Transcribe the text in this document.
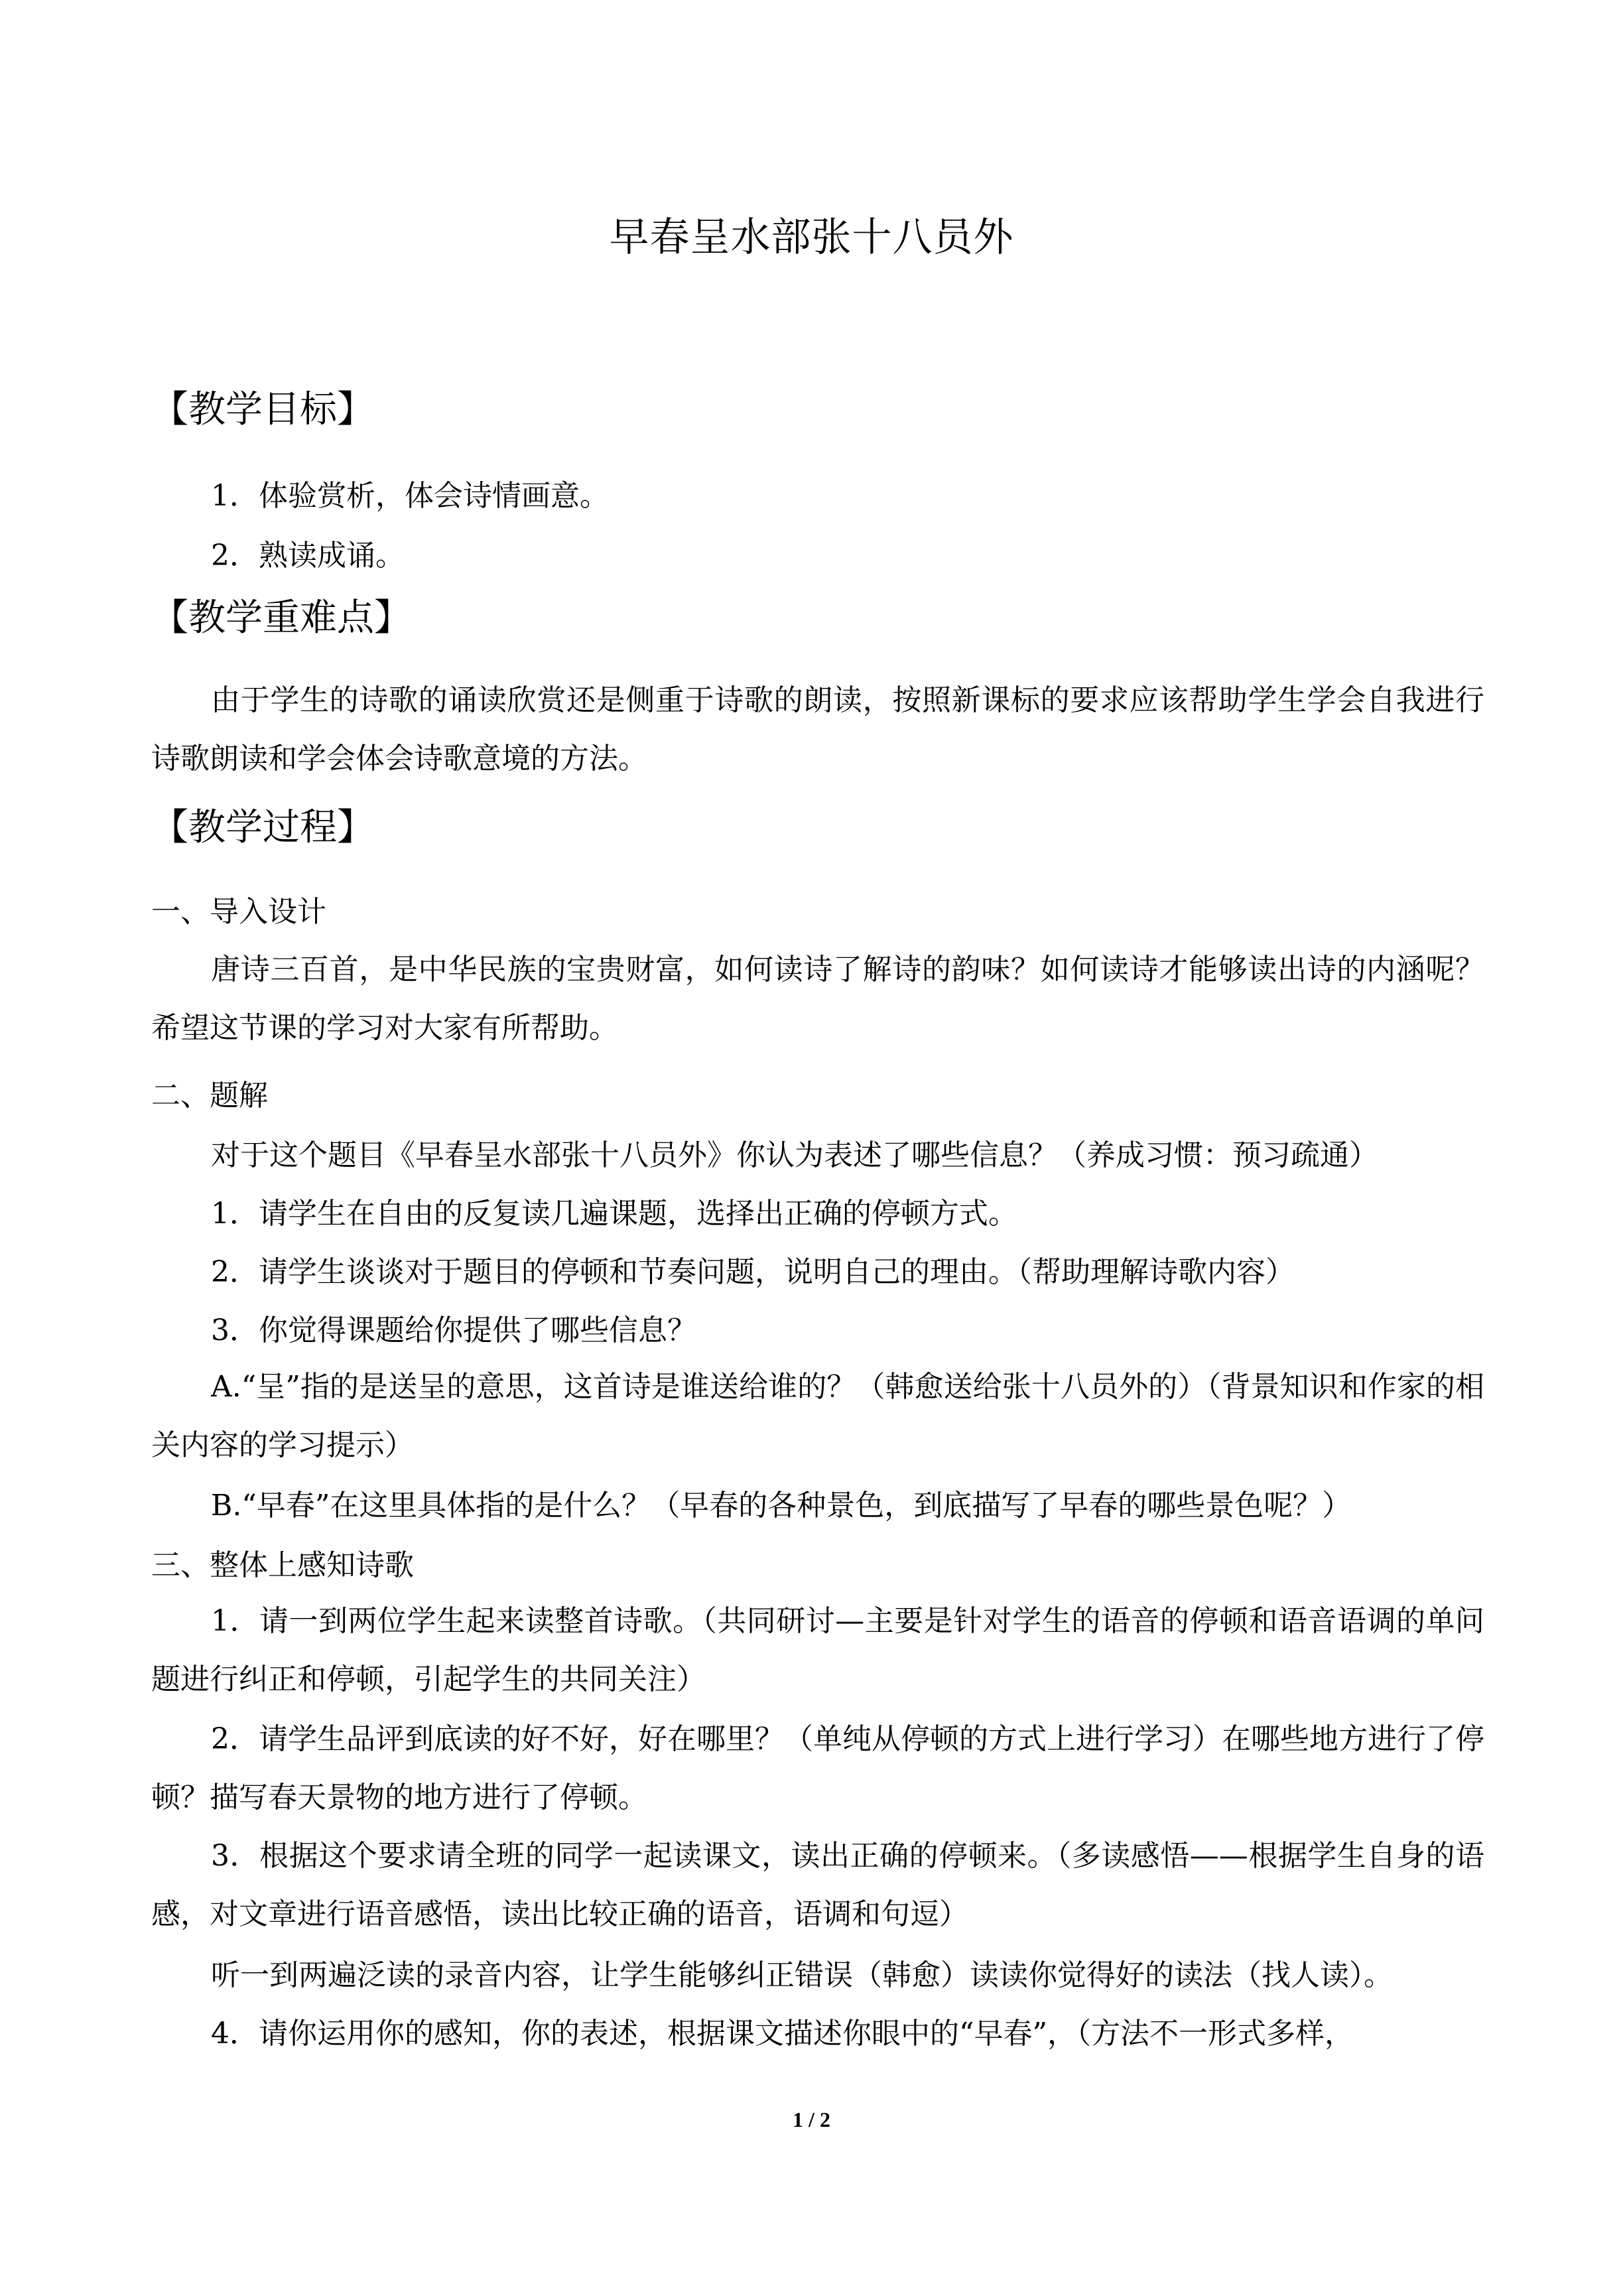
早春呈水部张十八员外
【教学目标】
1．体验赏析，体会诗情画意。
2．熟读成诵。
【教学重难点】
由于学生的诗歌的诵读欣赏还是侧重于诗歌的朗读，按照新课标的要求应该帮助学生学会自我进行诗歌朗读和学会体会诗歌意境的方法。
【教学过程】
一、导入设计
唐诗三百首，是中华民族的宝贵财富，如何读诗了解诗的韵味？如何读诗才能够读出诗的内涵呢？希望这节课的学习对大家有所帮助。
二、题解
对于这个题目《早春呈水部张十八员外》你认为表述了哪些信息？（养成习惯：预习疏通）
1．请学生在自由的反复读几遍课题，选择出正确的停顿方式。
2．请学生谈谈对于题目的停顿和节奏问题，说明自己的理由。（帮助理解诗歌内容）
3．你觉得课题给你提供了哪些信息？
A.“呈”指的是送呈的意思，这首诗是谁送给谁的？（韩愈送给张十八员外的）（背景知识和作家的相关内容的学习提示）
B.“早春”在这里具体指的是什么？（早春的各种景色，到底描写了早春的哪些景色呢？）
三、整体上感知诗歌
1．请一到两位学生起来读整首诗歌。（共同研讨—主要是针对学生的语音的停顿和语音语调的单问题进行纠正和停顿，引起学生的共同关注）
2．请学生品评到底读的好不好，好在哪里？（单纯从停顿的方式上进行学习）在哪些地方进行了停顿？描写春天景物的地方进行了停顿。
3．根据这个要求请全班的同学一起读课文，读出正确的停顿来。（多读感悟——根据学生自身的语感，对文章进行语音感悟，读出比较正确的语音，语调和句逗）
听一到两遍泛读的录音内容，让学生能够纠正错误（韩愈）读读你觉得好的读法（找人读）。
4．请你运用你的感知，你的表述，根据课文描述你眼中的“早春”，（方法不一形式多样，
1 / 2
